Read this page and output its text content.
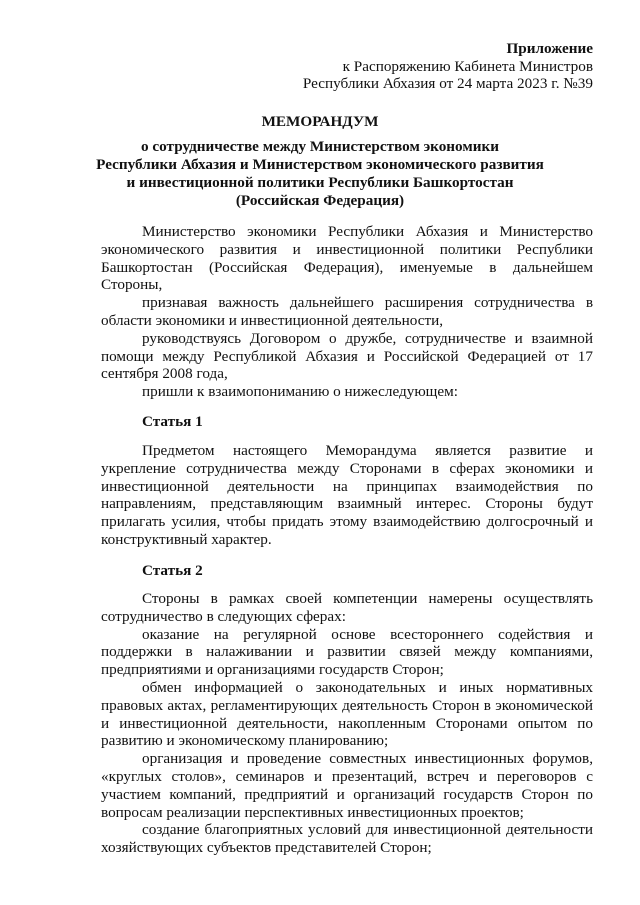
Приложение
к Распоряжению Кабинета Министров
Республики Абхазия от 24 марта 2023 г. №39
МЕМОРАНДУМ
о сотрудничестве между Министерством экономики
Республики Абхазия и Министерством экономического развития
и инвестиционной политики Республики Башкортостан
(Российская Федерация)

Министерство экономики Республики Абхазия и Министерство экономического развития и инвестиционной политики Республики Башкортостан (Российская Федерация), именуемые в дальнейшем Стороны,

признавая важность дальнейшего расширения сотрудничества в области экономики и инвестиционной деятельности,

руководствуясь Договором о дружбе, сотрудничестве и взаимной помощи между Республикой Абхазия и Российской Федерацией от 17 сентября 2008 года,

пришли к взаимопониманию о нижеследующем:

Статья 1

Предметом настоящего Меморандума является развитие и укрепление сотрудничества между Сторонами в сферах экономики и инвестиционной деятельности на принципах взаимодействия по направлениям, представляющим взаимный интерес. Стороны будут прилагать усилия, чтобы придать этому взаимодействию долгосрочный и конструктивный характер.

Статья 2

Стороны в рамках своей компетенции намерены осуществлять сотрудничество в следующих сферах:

оказание на регулярной основе всестороннего содействия и поддержки в налаживании и развитии связей между компаниями, предприятиями и организациями государств Сторон;

обмен информацией о законодательных и иных нормативных правовых актах, регламентирующих деятельность Сторон в экономической и инвестиционной деятельности, накопленным Сторонами опытом по развитию и экономическому планированию;

организация и проведение совместных инвестиционных форумов, «круглых столов», семинаров и презентаций, встреч и переговоров с участием компаний, предприятий и организаций государств Сторон по вопросам реализации перспективных инвестиционных проектов;

создание благоприятных условий для инвестиционной деятельности хозяйствующих субъектов представителей Сторон;
